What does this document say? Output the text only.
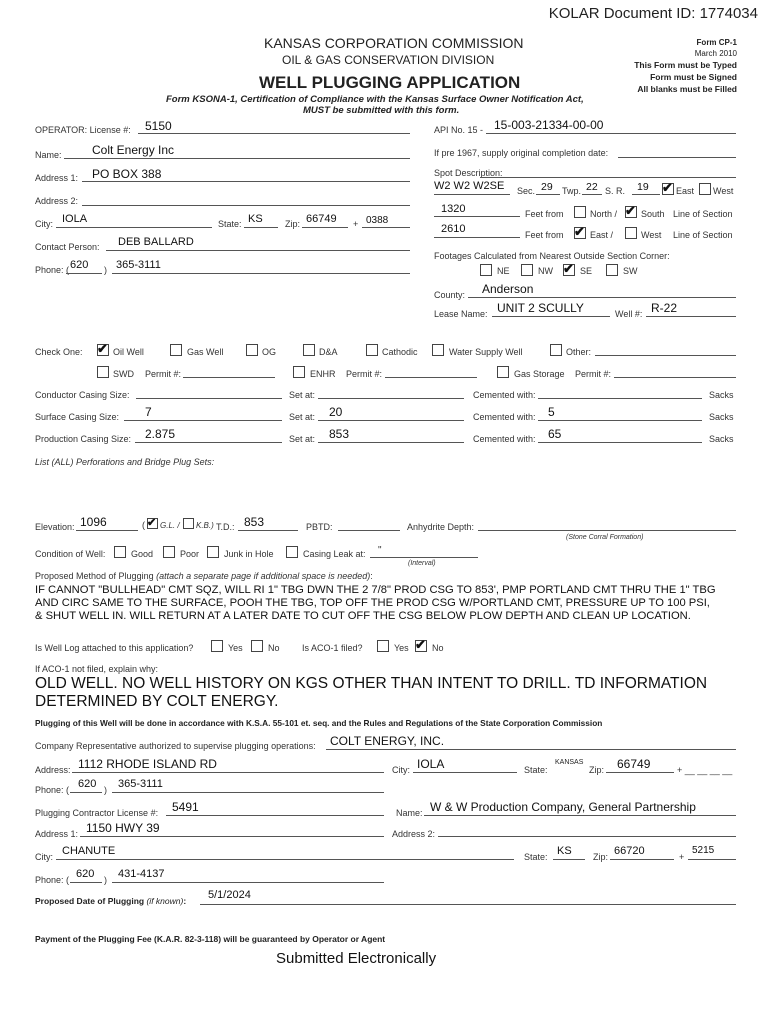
KOLAR Document ID: 1774034
KANSAS CORPORATION COMMISSION
OIL & GAS CONSERVATION DIVISION
WELL PLUGGING APPLICATION
Form KSONA-1, Certification of Compliance with the Kansas Surface Owner Notification Act,
MUST be submitted with this form.
Form CP-1
March 2010
This Form must be Typed
Form must be Signed
All blanks must be Filled
OPERATOR: License #: 5150
Name:	Colt Energy Inc
Address 1: PO BOX 388
Address 2:
City: IOLA	State: KS Zip: 66749 + 0388
Contact Person: DEB BALLARD
Phone: ( 620 ) 365-3111
API No. 15 - 15-003-21334-00-00
If pre 1967, supply original completion date:
Spot Description:
W2 W2 W2SE Sec. 29 Twp. 22 S. R. 19 ✔ East West
1320	Feet from	North / ✔ South Line of Section
2610	Feet from ✔ East /	West Line of Section
Footages Calculated from Nearest Outside Section Corner:
NE	NW ✔ SE	SW
County: Anderson
Lease Name: UNIT 2 SCULLY	Well #: R-22
Check One: ✔ Oil Well	Gas Well	OG	D&A	Cathodic	Water Supply Well	Other:
SWD Permit #:	ENHR Permit #:	Gas Storage Permit #:
Conductor Casing Size:	Set at:	Cemented with:	Sacks
Surface Casing Size: 7	Set at: 20	Cemented with: 5	Sacks
Production Casing Size: 2.875	Set at: 853	Cemented with: 65	Sacks
List (ALL) Perforations and Bridge Plug Sets:
Elevation: 1096	( ✔ G.L. / K.B.) T.D.: 853	PBTD:	Anhydrite Depth:
(Stone Corral Formation)
Condition of Well:	Good	Poor	Junk in Hole	Casing Leak at: "
(Interval)
Proposed Method of Plugging (attach a separate page if additional space is needed):
IF CANNOT "BULLHEAD" CMT SQZ, WILL RI 1" TBG DWN THE 2 7/8" PROD CSG TO 853', PMP PORTLAND CMT THRU THE 1" TBG
AND CIRC SAME TO THE SURFACE, POOH THE TBG, TOP OFF THE PROD CSG W/PORTLAND CMT, PRESSURE UP TO 100 PSI,
& SHUT WELL IN. WILL RETURN AT A LATER DATE TO CUT OFF THE CSG BELOW PLOW DEPTH AND CLEAN UP LOCATION.
Is Well Log attached to this application?	Yes	No Is ACO-1 filed?	Yes ✔ No
If ACO-1 not filed, explain why:
OLD WELL. NO WELL HISTORY ON KGS OTHER THAN INTENT TO DRILL. TD INFORMATION
DETERMINED BY COLT ENERGY.
Plugging of this Well will be done in accordance with K.S.A. 55-101 et. seq. and the Rules and Regulations of the State Corporation Commission
Company Representative authorized to supervise plugging operations: COLT ENERGY, INC.
Address: 1112 RHODE ISLAND RD	City: IOLA	State:
KANSAS
Zip: 66749	+ __ __ __ __
Phone: ( 620 ) 365-3111
Plugging Contractor License #: 5491	Name: W & W Production Company, General Partnership
Address 1: 1150 HWY 39	Address 2:
City: CHANUTE	State: KS Zip: 66720	+
5215
Phone: ( 620 ) 431-4137
Proposed Date of Plugging (if known): 5/1/2024
Payment of the Plugging Fee (K.A.R. 82-3-118) will be guaranteed by Operator or Agent
Submitted Electronically
